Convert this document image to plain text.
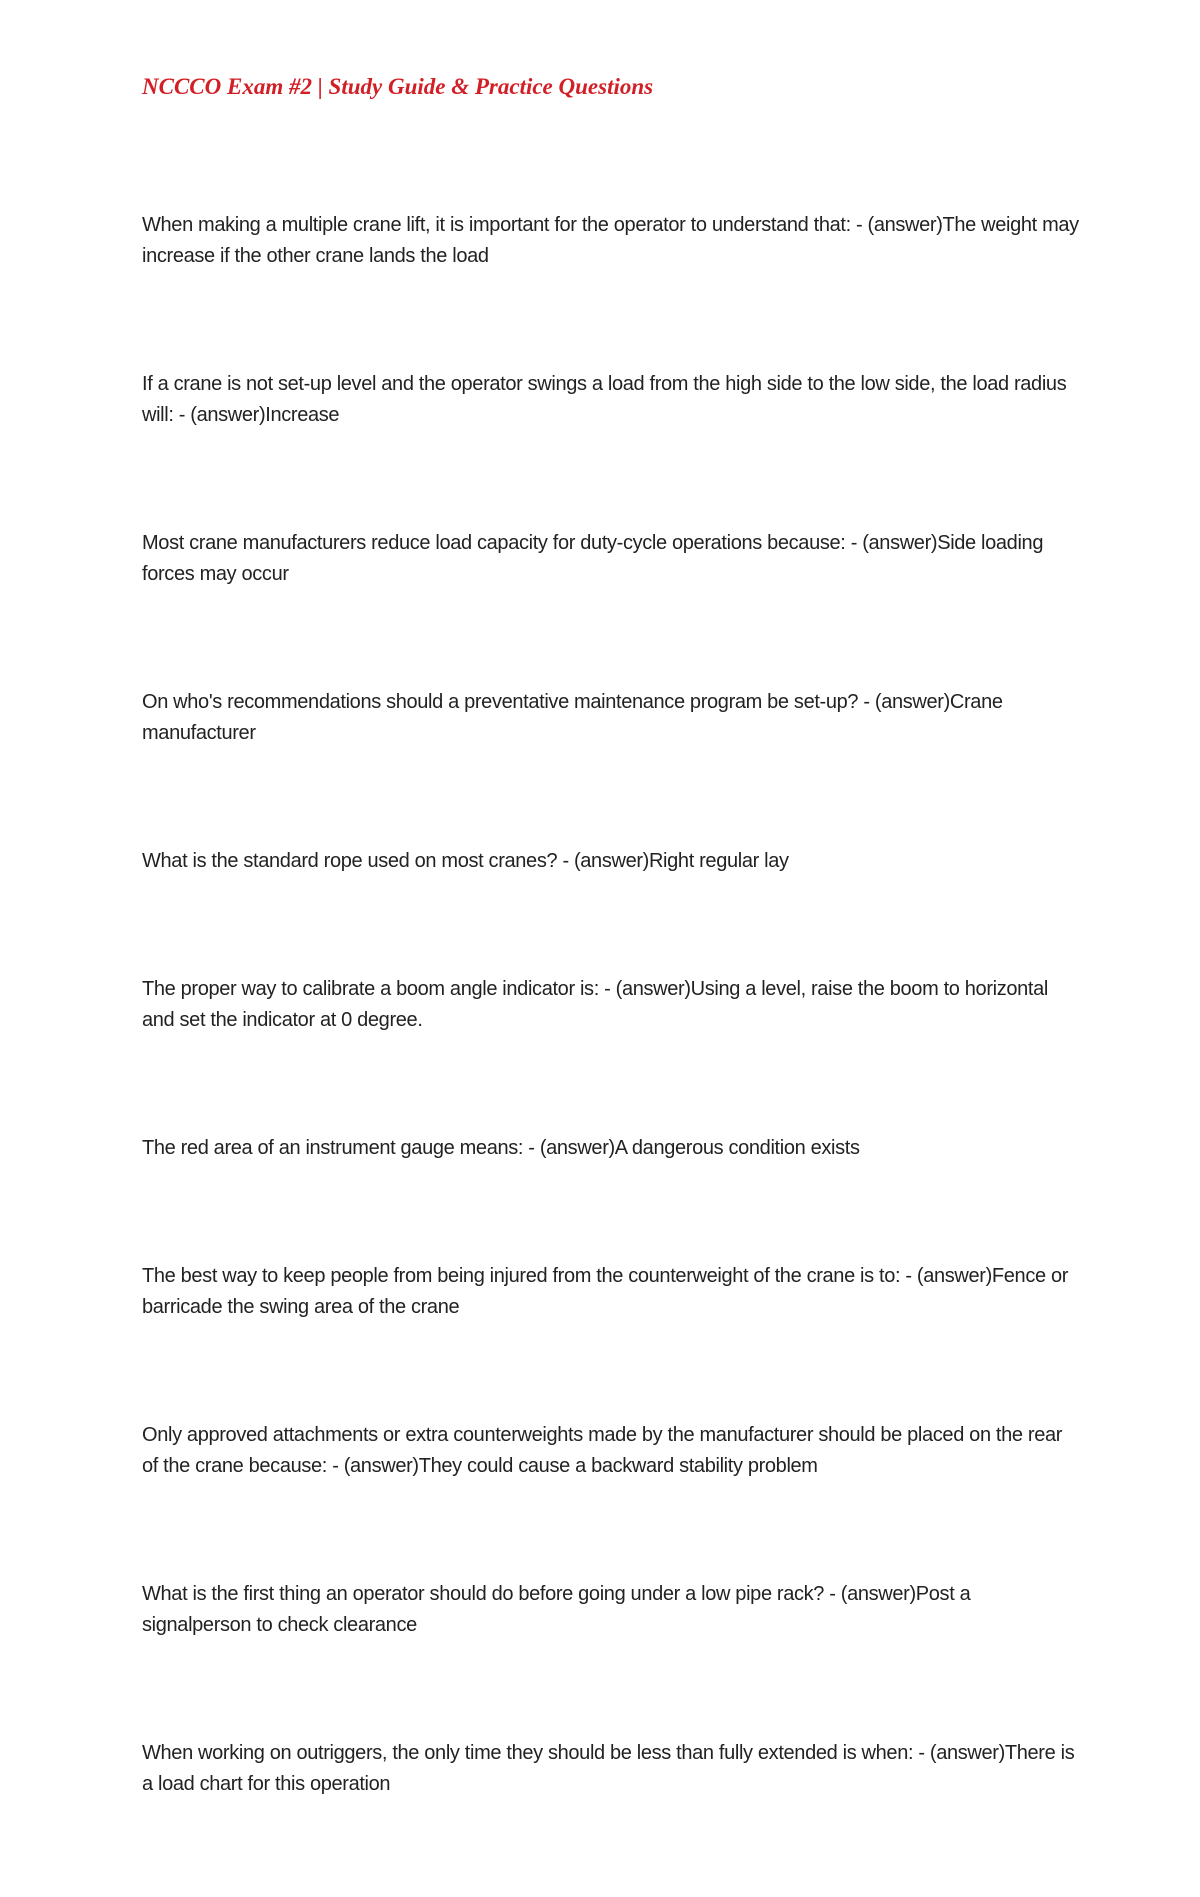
NCCCO Exam #2 | Study Guide & Practice Questions
When making a multiple crane lift, it is important for the operator to understand that: - (answer)The weight may increase if the other crane lands the load
If a crane is not set-up level and the operator swings a load from the high side to the low side, the load radius will: - (answer)Increase
Most crane manufacturers reduce load capacity for duty-cycle operations because: - (answer)Side loading forces may occur
On who's recommendations should a preventative maintenance program be set-up? - (answer)Crane manufacturer
What is the standard rope used on most cranes? - (answer)Right regular lay
The proper way to calibrate a boom angle indicator is: - (answer)Using a level, raise the boom to horizontal and set the indicator at 0 degree.
The red area of an instrument gauge means: - (answer)A dangerous condition exists
The best way to keep people from being injured from the counterweight of the crane is to: - (answer)Fence or barricade the swing area of the crane
Only approved attachments or extra counterweights made by the manufacturer should be placed on the rear of the crane because: - (answer)They could cause a backward stability problem
What is the first thing an operator should do before going under a low pipe rack? - (answer)Post a signalperson to check clearance
When working on outriggers, the only time they should be less than fully extended is when: - (answer)There is a load chart for this operation
